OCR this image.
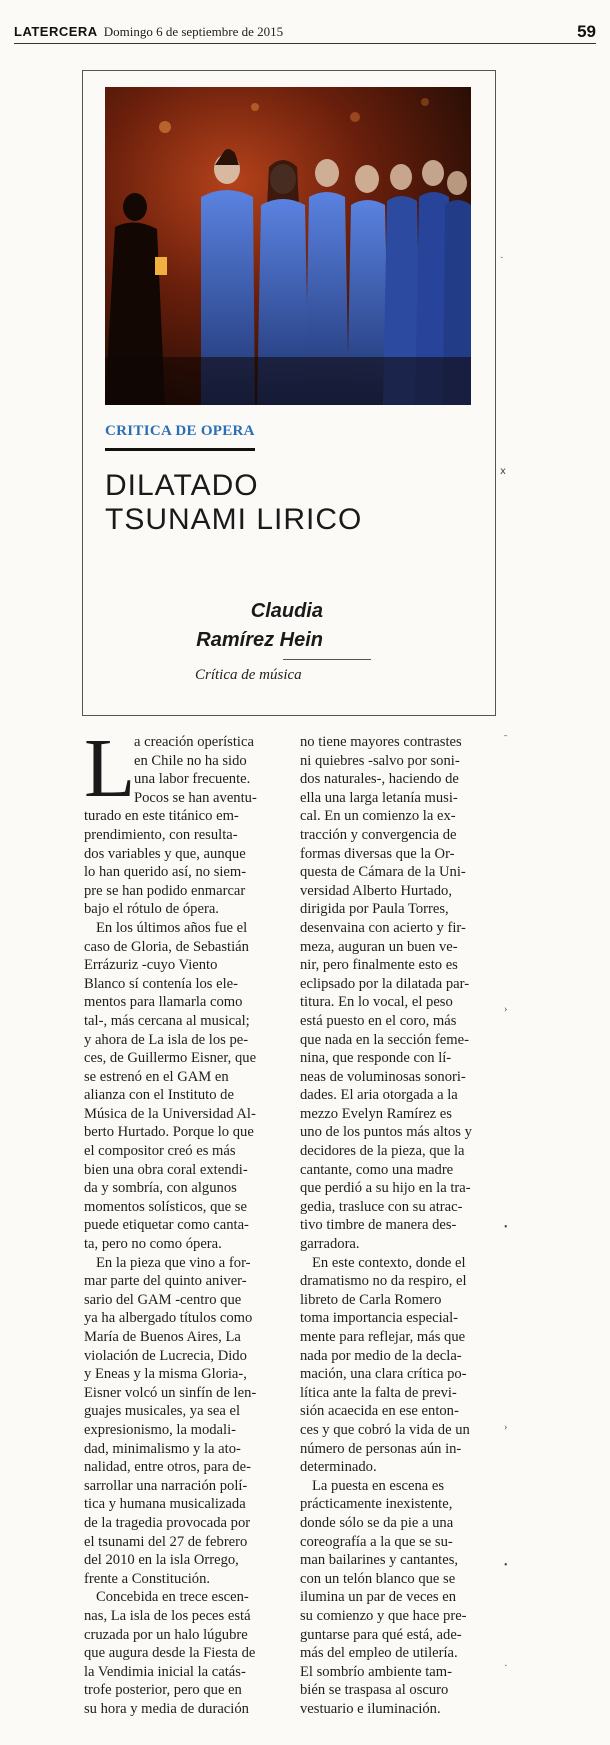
LATERCERA Domingo 6 de septiembre de 2015	59
CRITICA DE OPERA
DILATADO
TSUNAMI LIRICO
Claudia
Ramírez Hein
Crítica de música
L
a creación operística
en Chile no ha sido
una labor frecuente.
Pocos se han aventu-
turado en este titánico em-
prendimiento, con resulta-
dos variables y que, aunque
lo han querido así, no siem-
pre se han podido enmarcar
bajo el rótulo de ópera.
En los últimos años fue el
caso de Gloria, de Sebastián
Errázuriz -cuyo Viento
Blanco sí contenía los ele-
mentos para llamarla como
tal-, más cercana al musical;
y ahora de La isla de los pe-
ces, de Guillermo Eisner, que
se estrenó en el GAM en
alianza con el Instituto de
Música de la Universidad Al-
berto Hurtado. Porque lo que
el compositor creó es más
bien una obra coral extendi-
da y sombría, con algunos
momentos solísticos, que se
puede etiquetar como canta-
ta, pero no como ópera.
En la pieza que vino a for-
mar parte del quinto aniver-
sario del GAM -centro que
ya ha albergado títulos como
María de Buenos Aires, La
violación de Lucrecia, Dido
y Eneas y la misma Gloria-,
Eisner volcó un sinfín de len-
guajes musicales, ya sea el
expresionismo, la modali-
dad, minimalismo y la ato-
nalidad, entre otros, para de-
sarrollar una narración polí-
tica y humana musicalizada
de la tragedia provocada por
el tsunami del 27 de febrero
del 2010 en la isla Orrego,
frente a Constitución.
Concebida en trece escen-
nas, La isla de los peces está
cruzada por un halo lúgubre
que augura desde la Fiesta de
la Vendimia inicial la catás-
trofe posterior, pero que en
su hora y media de duración
no tiene mayores contrastes
ni quiebres -salvo por soni-
dos naturales-, haciendo de
ella una larga letanía musi-
cal. En un comienzo la ex-
tracción y convergencia de
formas diversas que la Or-
questa de Cámara de la Uni-
versidad Alberto Hurtado,
dirigida por Paula Torres,
desenvaina con acierto y fir-
meza, auguran un buen ve-
nir, pero finalmente esto es
eclipsado por la dilatada par-
titura. En lo vocal, el peso
está puesto en el coro, más
que nada en la sección feme-
nina, que responde con lí-
neas de voluminosas sonori-
dades. El aria otorgada a la
mezzo Evelyn Ramírez es
uno de los puntos más altos y
decidores de la pieza, que la
cantante, como una madre
que perdió a su hijo en la tra-
gedia, trasluce con su atrac-
tivo timbre de manera des-
garradora.
En este contexto, donde el
dramatismo no da respiro, el
libreto de Carla Romero
toma importancia especial-
mente para reflejar, más que
nada por medio de la decla-
mación, una clara crítica po-
lítica ante la falta de previ-
sión acaecida en ese enton-
ces y que cobró la vida de un
número de personas aún in-
determinado.
La puesta en escena es
prácticamente inexistente,
donde sólo se da pie a una
coreografía a la que se su-
man bailarines y cantantes,
con un telón blanco que se
ilumina un par de veces en
su comienzo y que hace pre-
guntarse para qué está, ade-
más del empleo de utilería.
El sombrío ambiente tam-
bién se traspasa al oscuro
vestuario e iluminación.
˯
ⅹ
ˉ
›
•
›
•
˯
